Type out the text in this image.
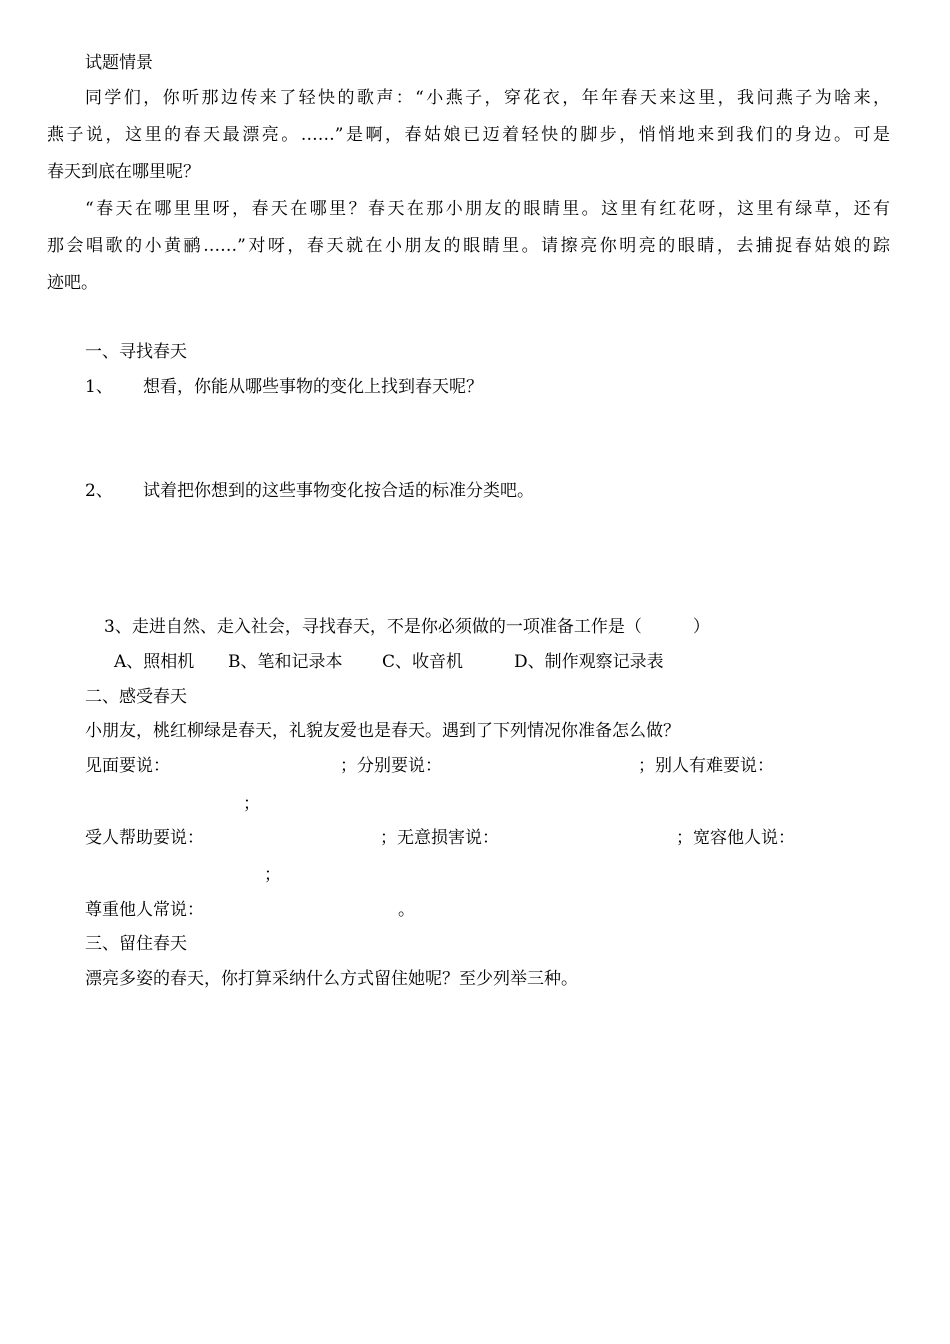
试题情景
同学们，你听那边传来了轻快的歌声：“小燕子，穿花衣，年年春天来这里，我问燕子为啥来，
燕子说，这里的春天最漂亮。……”是啊，春姑娘已迈着轻快的脚步，悄悄地来到我们的身边。可是
春天到底在哪里呢？
“春天在哪里里呀，春天在哪里？春天在那小朋友的眼睛里。这里有红花呀，这里有绿草，还有
那会唱歌的小黄鹂……”对呀，春天就在小朋友的眼睛里。请擦亮你明亮的眼睛，去捕捉春姑娘的踪
迹吧。
一、寻找春天
1、 想看，你能从哪些事物的变化上找到春天呢？
2、 试着把你想到的这些事物变化按合适的标准分类吧。
3、走进自然、走入社会，寻找春天，不是你必须做的一项准备工作是（　　　）
A、照相机 B、笔和记录本 C、收音机	D、制作观察记录表
二、感受春天
小朋友，桃红柳绿是春天，礼貌友爱也是春天。遇到了下列情况你准备怎么做？
见面要说：	；分别要说：	；别人有难要说：
；
受人帮助要说：	；无意损害说：	；宽容他人说：
；
尊重他人常说：	。
三、留住春天
漂亮多姿的春天，你打算采纳什么方式留住她呢？至少列举三种。
